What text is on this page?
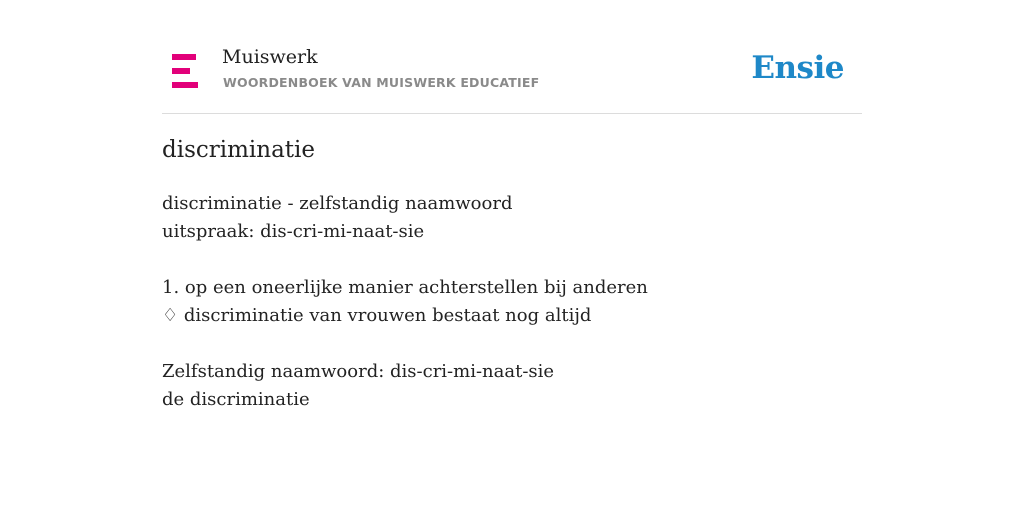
Muiswerk
WOORDENBOEK VAN MUISWERK EDUCATIEF	Ensie
discriminatie
discriminatie - zelfstandig naamwoord
uitspraak: dis-cri-mi-naat-sie
1. op een oneerlijke manier achterstellen bij anderen
♢ discriminatie van vrouwen bestaat nog altijd
Zelfstandig naamwoord: dis-cri-mi-naat-sie
de discriminatie
